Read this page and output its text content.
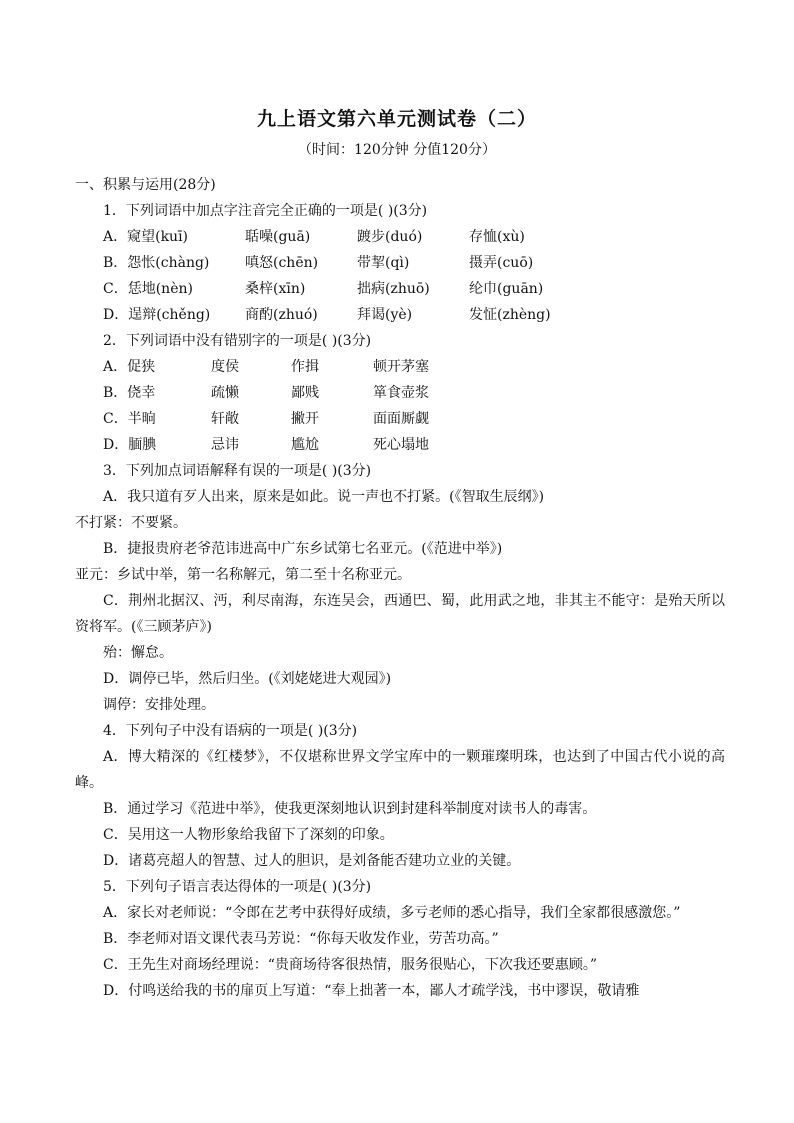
九上语文第六单元测试卷（二）
（时间：120分钟 分值120分）
一、积累与运用(28分)
1．下列词语中加点字注音完全正确的一项是( )(3分)
A．窥望(kuī)	聒噪(guā)	踱步(duó)	存恤(xù)
B．怨怅(chàng)	嗔怒(chēn)	带挈(qì)	摄弄(cuō)
C．恁地(nèn)	桑梓(xīn)	拙病(zhuō)	纶巾(guān)
D．逞辩(chěng)	商酌(zhuó)	拜谒(yè)	发怔(zhèng)
2．下列词语中没有错别字的一项是( )(3分)
A．促狭	度侯	作揖	顿开茅塞
B．侥幸	疏懒	鄙贱	箪食壶浆
C．半晌	轩敞	撇开	面面厮觑
D．腼腆	忌讳	尴尬	死心塌地
3．下列加点词语解释有误的一项是( )(3分)
A．我只道有歹人出来，原来是如此。说一声也不打紧。(《智取生辰纲》)
不打紧：不要紧。
B．捷报贵府老爷范讳进高中广东乡试第七名亚元。(《范进中举》)
亚元：乡试中举，第一名称解元，第二至十名称亚元。
C．荆州北据汉、沔，利尽南海，东连吴会，西通巴、蜀，此用武之地，非其主不能守：是殆天所以资将军。(《三顾茅庐》)
殆：懈怠。
D．调停已毕，然后归坐。(《刘姥姥进大观园》)
调停：安排处理。
4．下列句子中没有语病的一项是( )(3分)
A．博大精深的《红楼梦》，不仅堪称世界文学宝库中的一颗璀璨明珠，也达到了中国古代小说的高峰。
B．通过学习《范进中举》，使我更深刻地认识到封建科举制度对读书人的毒害。
C．吴用这一人物形象给我留下了深刻的印象。
D．诸葛亮超人的智慧、过人的胆识，是刘备能否建功立业的关键。
5．下列句子语言表达得体的一项是( )(3分)
A．家长对老师说：“令郎在艺考中获得好成绩，多亏老师的悉心指导，我们全家都很感激您。”
B．李老师对语文课代表马芳说：“你每天收发作业，劳苦功高。”
C．王先生对商场经理说：“贵商场待客很热情，服务很贴心，下次我还要惠顾。”
D．付鸣送给我的书的扉页上写道：“奉上拙著一本，鄙人才疏学浅，书中谬误，敬请雅
